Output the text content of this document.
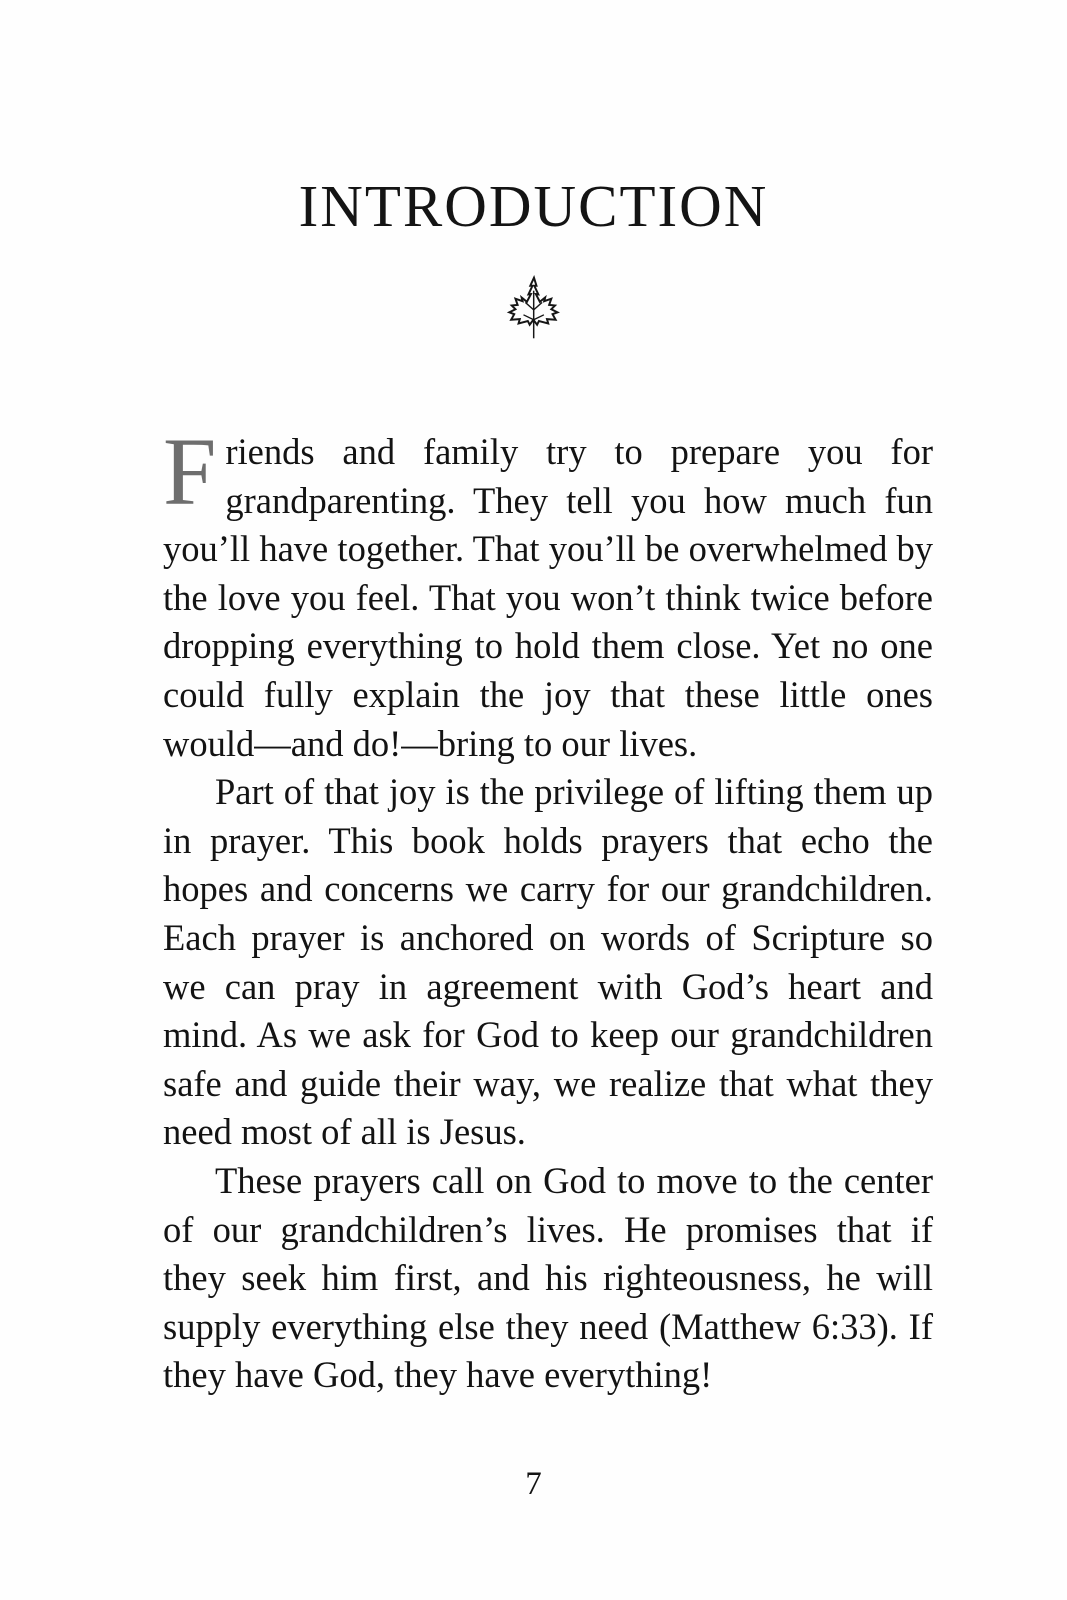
INTRODUCTION

Friends and family try to prepare you for grandparenting. They tell you how much fun you’ll have together. That you’ll be overwhelmed by the love you feel. That you won’t think twice before dropping everything to hold them close. Yet no one could fully explain the joy that these little ones would—and do!—bring to our lives.

Part of that joy is the privilege of lifting them up in prayer. This book holds prayers that echo the hopes and concerns we carry for our grandchildren. Each prayer is anchored on words of Scripture so we can pray in agreement with God’s heart and mind. As we ask for God to keep our grandchildren safe and guide their way, we realize that what they need most of all is Jesus.

These prayers call on God to move to the center of our grandchildren’s lives. He promises that if they seek him first, and his righteousness, he will supply everything else they need (Matthew 6:33). If they have God, they have everything!

7
